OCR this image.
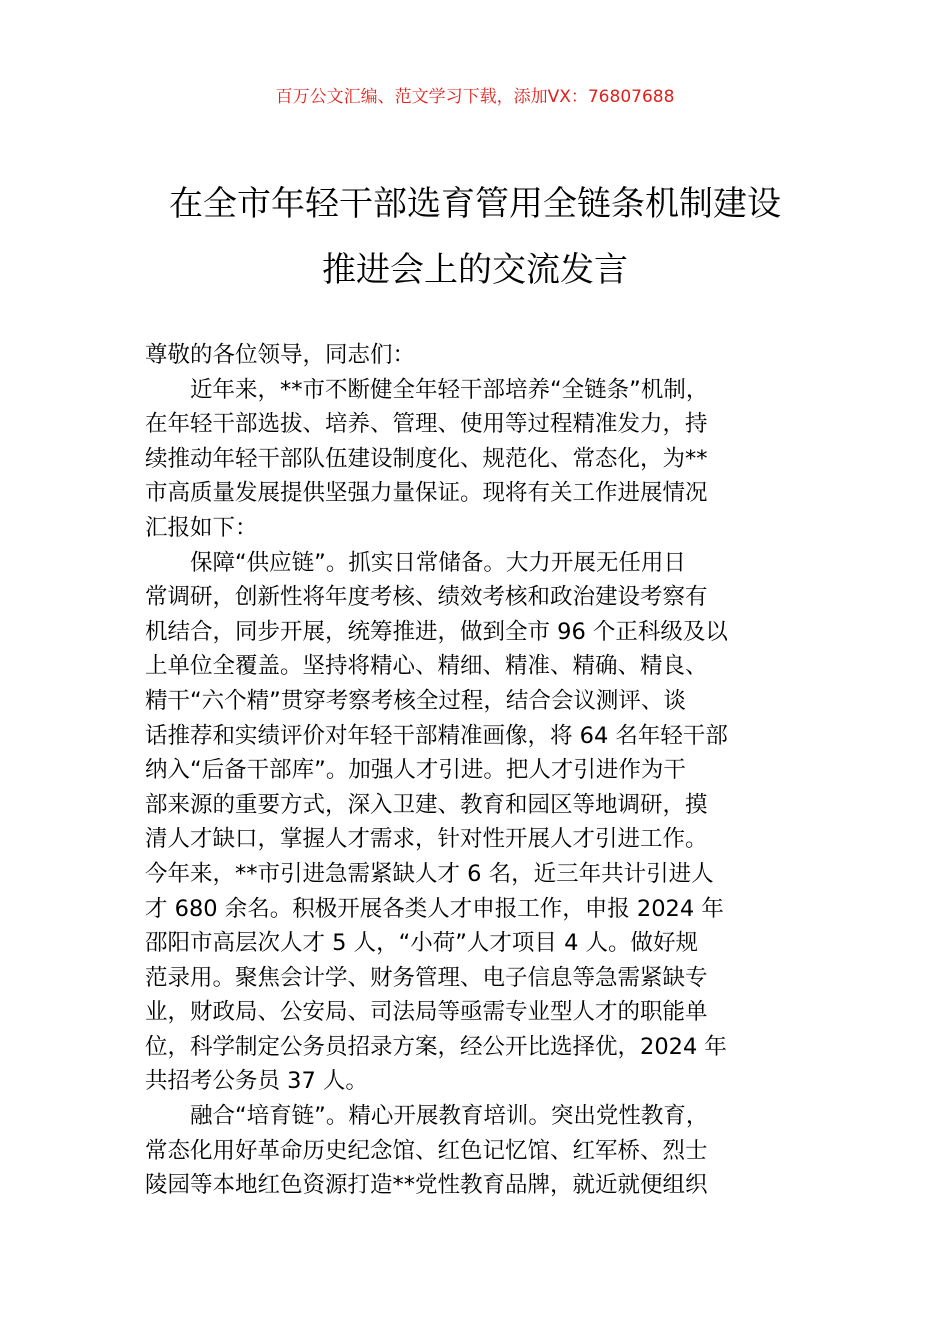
百万公文汇编、范文学习下载，添加VX：76807688
在全市年轻干部选育管用全链条机制建设
推进会上的交流发言
尊敬的各位领导，同志们：
近年来，**市不断健全年轻干部培养“全链条”机制，
在年轻干部选拔、培养、管理、使用等过程精准发力，持
续推动年轻干部队伍建设制度化、规范化、常态化，为**
市高质量发展提供坚强力量保证。现将有关工作进展情况
汇报如下：
保障“供应链”。抓实日常储备。大力开展无任用日
常调研，创新性将年度考核、绩效考核和政治建设考察有
机结合，同步开展，统筹推进，做到全市 96 个正科级及以
上单位全覆盖。坚持将精心、精细、精准、精确、精良、
精干“六个精”贯穿考察考核全过程，结合会议测评、谈
话推荐和实绩评价对年轻干部精准画像，将 64 名年轻干部
纳入“后备干部库”。加强人才引进。把人才引进作为干
部来源的重要方式，深入卫建、教育和园区等地调研，摸
清人才缺口，掌握人才需求，针对性开展人才引进工作。
今年来，**市引进急需紧缺人才 6 名，近三年共计引进人
才 680 余名。积极开展各类人才申报工作，申报 2024 年
邵阳市高层次人才 5 人，“小荷”人才项目 4 人。做好规
范录用。聚焦会计学、财务管理、电子信息等急需紧缺专
业，财政局、公安局、司法局等亟需专业型人才的职能单
位，科学制定公务员招录方案，经公开比选择优，2024 年
共招考公务员 37 人。
融合“培育链”。精心开展教育培训。突出党性教育，
常态化用好革命历史纪念馆、红色记忆馆、红军桥、烈士
陵园等本地红色资源打造**党性教育品牌，就近就便组织
